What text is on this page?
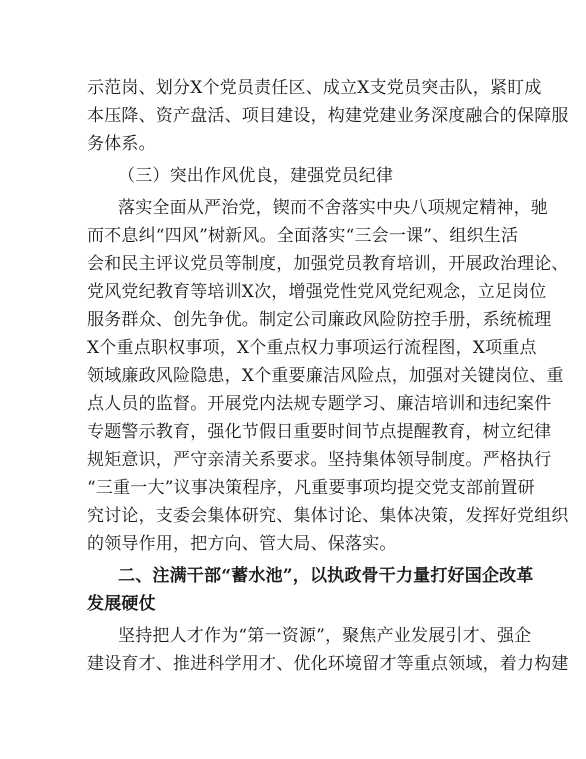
示范岗、划分X个党员责任区、成立X支党员突击队，紧盯成
本压降、资产盘活、项目建设，构建党建业务深度融合的保障服
务体系。
（三）突出作风优良，建强党员纪律
落实全面从严治党，锲而不舍落实中央八项规定精神，驰
而不息纠“四风”树新风。全面落实“三会一课”、组织生活
会和民主评议党员等制度，加强党员教育培训，开展政治理论、
党风党纪教育等培训X次，增强党性党风党纪观念，立足岗位
服务群众、创先争优。制定公司廉政风险防控手册，系统梳理
X个重点职权事项，X个重点权力事项运行流程图，X项重点
领域廉政风险隐患，X个重要廉洁风险点，加强对关键岗位、重
点人员的监督。开展党内法规专题学习、廉洁培训和违纪案件
专题警示教育，强化节假日重要时间节点提醒教育，树立纪律
规矩意识，严守亲清关系要求。坚持集体领导制度。严格执行
“三重一大”议事决策程序，凡重要事项均提交党支部前置研
究讨论，支委会集体研究、集体讨论、集体决策，发挥好党组织
的领导作用，把方向、管大局、保落实。
二、注满干部“蓄水池”，以执政骨干力量打好国企改革
发展硬仗
坚持把人才作为“第一资源”，聚焦产业发展引才、强企
建设育才、推进科学用才、优化环境留才等重点领域，着力构建
